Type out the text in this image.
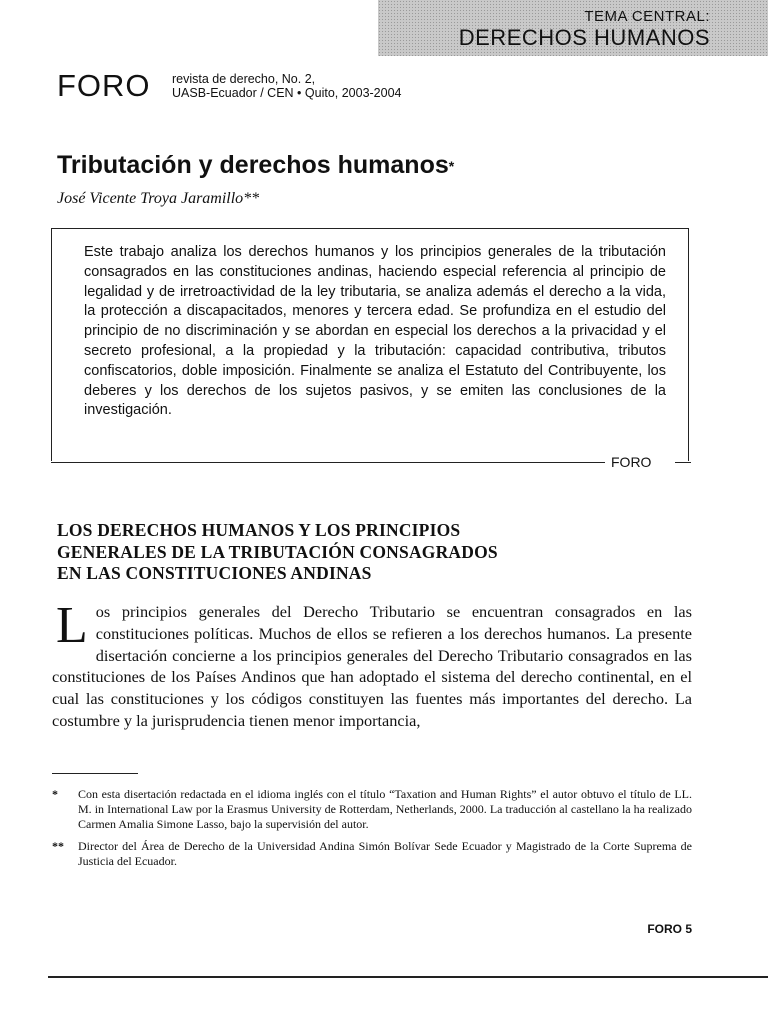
TEMA CENTRAL:
DERECHOS HUMANOS
FORO revista de derecho, No. 2,
UASB-Ecuador / CEN • Quito, 2003-2004
Tributación y derechos humanos*
José Vicente Troya Jaramillo**

Este trabajo analiza los derechos humanos y los principios generales de la tributación consagrados en las constituciones andinas, haciendo especial referencia al principio de legalidad y de irretroactividad de la ley tributaria, se analiza además el derecho a la vida, la protección a discapacitados, menores y tercera edad. Se profundiza en el estudio del principio de no discriminación y se abordan en especial los derechos a la privacidad y el secreto profesional, a la propiedad y la tributación: capacidad contributiva, tributos confiscatorios, doble imposición. Finalmente se analiza el Estatuto del Contribuyente, los deberes y los derechos de los sujetos pasivos, y se emiten las conclusiones de la investigación.

FORO
LOS DERECHOS HUMANOS Y LOS PRINCIPIOS
GENERALES DE LA TRIBUTACIÓN CONSAGRADOS
EN LAS CONSTITUCIONES ANDINAS

Los principios generales del Derecho Tributario se encuentran consagrados en las constituciones políticas. Muchos de ellos se refieren a los derechos humanos. La presente disertación concierne a los principios generales del Derecho Tributario consagrados en las constituciones de los Países Andinos que han adoptado el sistema del derecho continental, en el cual las constituciones y los códigos constituyen las fuentes más importantes del derecho. La costumbre y la jurisprudencia tienen menor importancia,

* Con esta disertación redactada en el idioma inglés con el título “Taxation and Human Rights” el autor obtuvo el título de LL. M. in International Law por la Erasmus University de Rotterdam, Netherlands, 2000. La traducción al castellano la ha realizado Carmen Amalia Simone Lasso, bajo la supervisión del autor.

** Director del Área de Derecho de la Universidad Andina Simón Bolívar Sede Ecuador y Magistrado de la Corte Suprema de Justicia del Ecuador.

FORO 5
